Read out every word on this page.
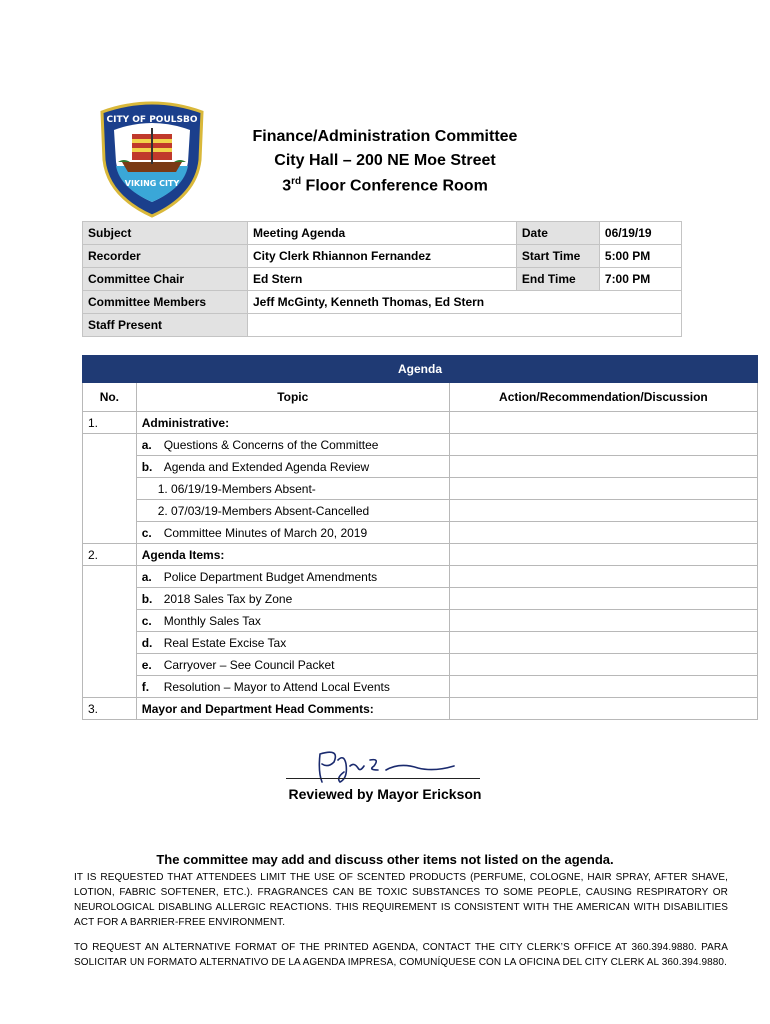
CITY OF POULSBO
VIKING CITY
Finance/Administration Committee
City Hall – 200 NE Moe Street
3rd Floor Conference Room
Subject	Meeting Agenda	Date	06/19/19
Recorder	City Clerk Rhiannon Fernandez	Start Time	5:00 PM
Committee Chair	Ed Stern	End Time	7:00 PM
Committee Members	Jeff McGinty, Kenneth Thomas, Ed Stern		
Staff Present			
Agenda		
No.	Topic	Action/Recommendation/Discussion
1.	Administrative:	
	a. Questions & Concerns of the Committee	
	b. Agenda and Extended Agenda Review	
	1. 06/19/19-Members Absent-	
	2. 07/03/19-Members Absent-Cancelled	
	c. Committee Minutes of March 20, 2019	
2.	Agenda Items:	
	a. Police Department Budget Amendments	
	b. 2018 Sales Tax by Zone	
	c. Monthly Sales Tax	
	d. Real Estate Excise Tax	
	e. Carryover – See Council Packet	
	f. Resolution – Mayor to Attend Local Events	
3.	Mayor and Department Head Comments:	
Reviewed by Mayor Erickson
The committee may add and discuss other items not listed on the agenda.
IT IS REQUESTED THAT ATTENDEES LIMIT THE USE OF SCENTED PRODUCTS (PERFUME, COLOGNE, HAIR SPRAY, AFTER SHAVE, LOTION, FABRIC SOFTENER, ETC.). FRAGRANCES CAN BE TOXIC SUBSTANCES TO SOME PEOPLE, CAUSING RESPIRATORY OR NEUROLOGICAL DISABLING ALLERGIC REACTIONS. THIS REQUIREMENT IS CONSISTENT WITH THE AMERICAN WITH DISABILITIES ACT FOR A BARRIER-FREE ENVIRONMENT.
TO REQUEST AN ALTERNATIVE FORMAT OF THE PRINTED AGENDA, CONTACT THE CITY CLERK’S OFFICE AT 360.394.9880. PARA SOLICITAR UN FORMATO ALTERNATIVO DE LA AGENDA IMPRESA, COMUNÍQUESE CON LA OFICINA DEL CITY CLERK AL 360.394.9880.
